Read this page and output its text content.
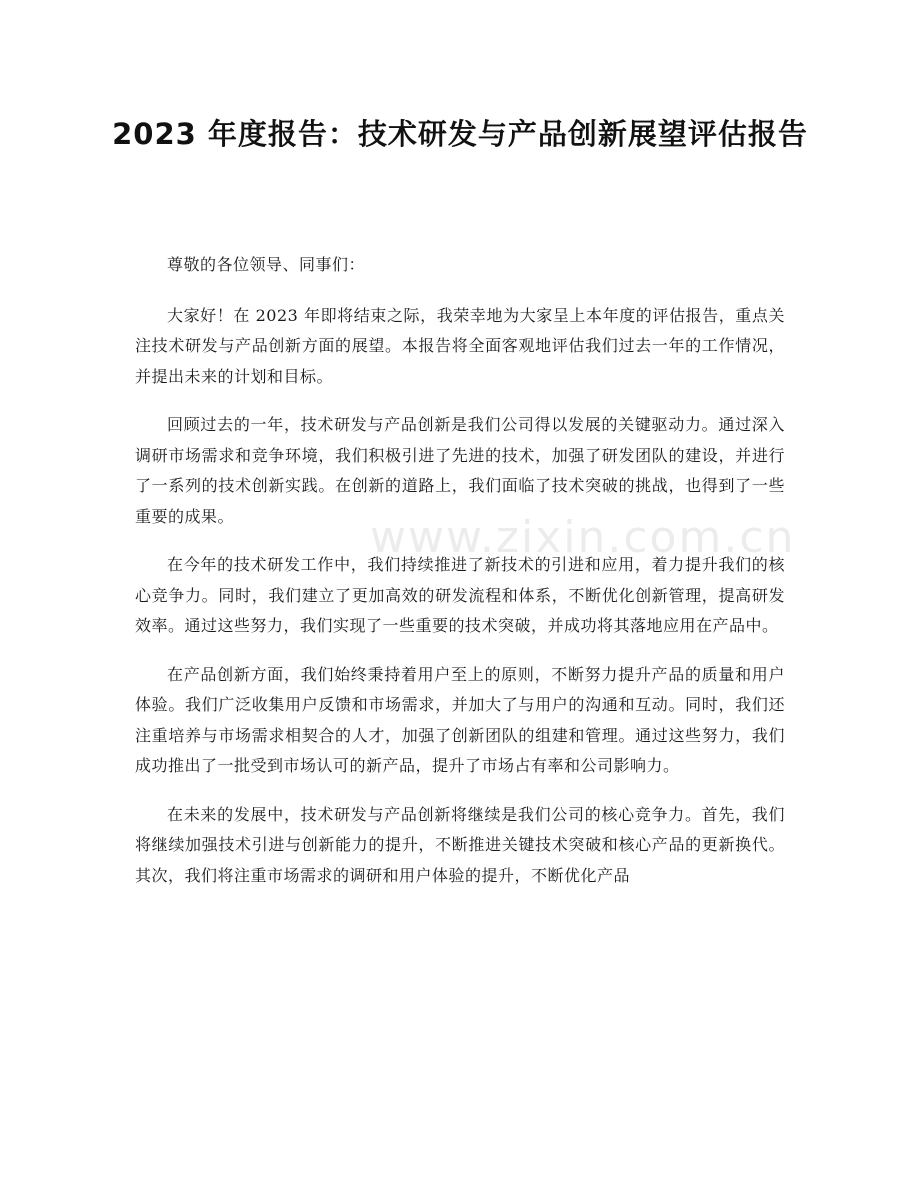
2023 年度报告：技术研发与产品创新展望评估报告
www.zixin.com.cn

尊敬的各位领导、同事们：

大家好！在 2023 年即将结束之际，我荣幸地为大家呈上本年度的评估报告，重点关注技术研发与产品创新方面的展望。本报告将全面客观地评估我们过去一年的工作情况，并提出未来的计划和目标。

回顾过去的一年，技术研发与产品创新是我们公司得以发展的关键驱动力。通过深入调研市场需求和竞争环境，我们积极引进了先进的技术，加强了研发团队的建设，并进行了一系列的技术创新实践。在创新的道路上，我们面临了技术突破的挑战，也得到了一些重要的成果。

在今年的技术研发工作中，我们持续推进了新技术的引进和应用，着力提升我们的核心竞争力。同时，我们建立了更加高效的研发流程和体系，不断优化创新管理，提高研发效率。通过这些努力，我们实现了一些重要的技术突破，并成功将其落地应用在产品中。

在产品创新方面，我们始终秉持着用户至上的原则，不断努力提升产品的质量和用户体验。我们广泛收集用户反馈和市场需求，并加大了与用户的沟通和互动。同时，我们还注重培养与市场需求相契合的人才，加强了创新团队的组建和管理。通过这些努力，我们成功推出了一批受到市场认可的新产品，提升了市场占有率和公司影响力。

在未来的发展中，技术研发与产品创新将继续是我们公司的核心竞争力。首先，我们将继续加强技术引进与创新能力的提升，不断推进关键技术突破和核心产品的更新换代。其次，我们将注重市场需求的调研和用户体验的提升，不断优化产品
